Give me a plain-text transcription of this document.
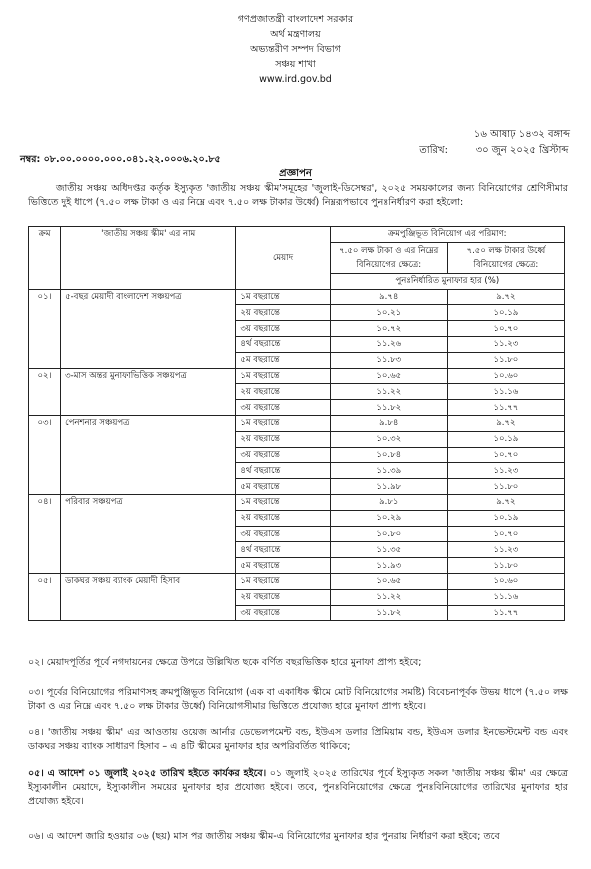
গণপ্রজাতন্ত্রী বাংলাদেশ সরকার
অর্থ মন্ত্রণালয়
অভ্যন্তরীণ সম্পদ বিভাগ
সঞ্চয় শাখা
www.ird.gov.bd
১৬ আষাঢ় ১৪৩২ বঙ্গাব্দ
তারিখ:	৩০ জুন ২০২৫ খ্রিস্টাব্দ
নম্বর: ০৮.০০.০০০০.০০০.০৪১.২২.০০০৬.২০.৮৫
প্রজ্ঞাপন
জাতীয় সঞ্চয় অধিদপ্তর কর্তৃক ইস্যুকৃত 'জাতীয় সঞ্চয় স্কীম'সমূহের 'জুলাই-ডিসেম্বর', ২০২৫ সময়কালের জন্য বিনিয়োগের শ্রেণিসীমার ভিত্তিতে দুই ধাপে (৭.৫০ লক্ষ টাকা ও এর নিম্নে এবং ৭.৫০ লক্ষ টাকার উর্ধ্বে) নিম্নরূপভাবে পুনঃনির্ধারণ করা হইলো:
ক্রম	'জাতীয় সঞ্চয় স্কীম' এর নাম	মেয়াদ	ক্রমপুঞ্জিভূত বিনিয়োগ এর পরিমাণ:	
			৭.৫০ লক্ষ টাকা ও এর নিম্নের বিনিয়োগের ক্ষেত্রে:	৭.৫০ লক্ষ টাকার উর্ধ্বে বিনিয়োগের ক্ষেত্রে:
			পুনঃনির্ধারিত মুনাফার হার (%)	
০১।	৫-বছর মেয়াদী বাংলাদেশ সঞ্চয়পত্র	১ম বছরান্তে	৯.৭৪	৯.৭২
		২য় বছরান্তে	১০.২১	১০.১৯
		৩য় বছরান্তে	১০.৭২	১০.৭০
		৪র্থ বছরান্তে	১১.২৬	১১.২৩
		৫ম বছরান্তে	১১.৮৩	১১.৮০
০২।	৩-মাস অন্তর মুনাফাভিত্তিক সঞ্চয়পত্র	১ম বছরান্তে	১০.৬৫	১০.৬০
		২য় বছরান্তে	১১.২২	১১.১৬
		৩য় বছরান্তে	১১.৮২	১১.৭৭
০৩।	পেনশনার সঞ্চয়পত্র	১ম বছরান্তে	৯.৮৪	৯.৭২
		২য় বছরান্তে	১০.৩২	১০.১৯
		৩য় বছরান্তে	১০.৮৪	১০.৭০
		৪র্থ বছরান্তে	১১.৩৯	১১.২৩
		৫ম বছরান্তে	১১.৯৮	১১.৮০
০৪।	পরিবার সঞ্চয়পত্র	১ম বছরান্তে	৯.৮১	৯.৭২
		২য় বছরান্তে	১০.২৯	১০.১৯
		৩য় বছরান্তে	১০.৮০	১০.৭০
		৪র্থ বছরান্তে	১১.৩৫	১১.২৩
		৫ম বছরান্তে	১১.৯৩	১১.৮০
০৫।	ডাকঘর সঞ্চয় ব্যাংক মেয়াদী হিসাব	১ম বছরান্তে	১০.৬৫	১০.৬০
		২য় বছরান্তে	১১.২২	১১.১৬
		৩য় বছরান্তে	১১.৮২	১১.৭৭
০২। মেয়াদপূর্তির পূর্বে নগদায়নের ক্ষেত্রে উপরে উল্লিখিত ছকে বর্ণিত বছরভিত্তিক হারে মুনাফা প্রাপ্য হইবে;
০৩। পূর্বের বিনিয়োগের পরিমাণসহ ক্রমপুঞ্জিভূত বিনিয়োগ (এক বা একাধিক স্কীমে মোট বিনিয়োগের সমষ্টি) বিবেচনাপূর্বক উভয় ধাপে (৭.৫০ লক্ষ টাকা ও এর নিম্নে এবং ৭.৫০ লক্ষ টাকার উর্ধ্বে) বিনিয়োগসীমার ভিত্তিতে প্রযোজ্য হারে মুনাফা প্রাপ্য হইবে।
০৪। 'জাতীয় সঞ্চয় স্কীম' এর আওতায় ওয়েজ আর্নার ডেভেলপমেন্ট বন্ড, ইউএস ডলার প্রিমিয়াম বন্ড, ইউএস ডলার ইনভেস্টমেন্ট বন্ড এবং ডাকঘর সঞ্চয় ব্যাংক সাধারণ হিসাব – এ ৪টি স্কীমের মুনাফার হার অপরিবর্তিত থাকিবে;
০৫। এ আদেশ ০১ জুলাই ২০২৫ তারিখ হইতে কার্যকর হইবে। ০১ জুলাই ২০২৫ তারিখের পূর্বে ইস্যুকৃত সকল 'জাতীয় সঞ্চয় স্কীম' এর ক্ষেত্রে ইস্যুকালীন মেয়াদে, ইস্যুকালীন সময়ের মুনাফার হার প্রযোজ্য হইবে। তবে, পুনঃবিনিয়োগের ক্ষেত্রে পুনঃবিনিয়োগের তারিখের মুনাফার হার প্রযোজ্য হইবে।
০৬। এ আদেশ জারি হওয়ার ০৬ (ছয়) মাস পর জাতীয় সঞ্চয় স্কীম-এ বিনিয়োগের মুনাফার হার পুনরায় নির্ধারণ করা হইবে; তবে
